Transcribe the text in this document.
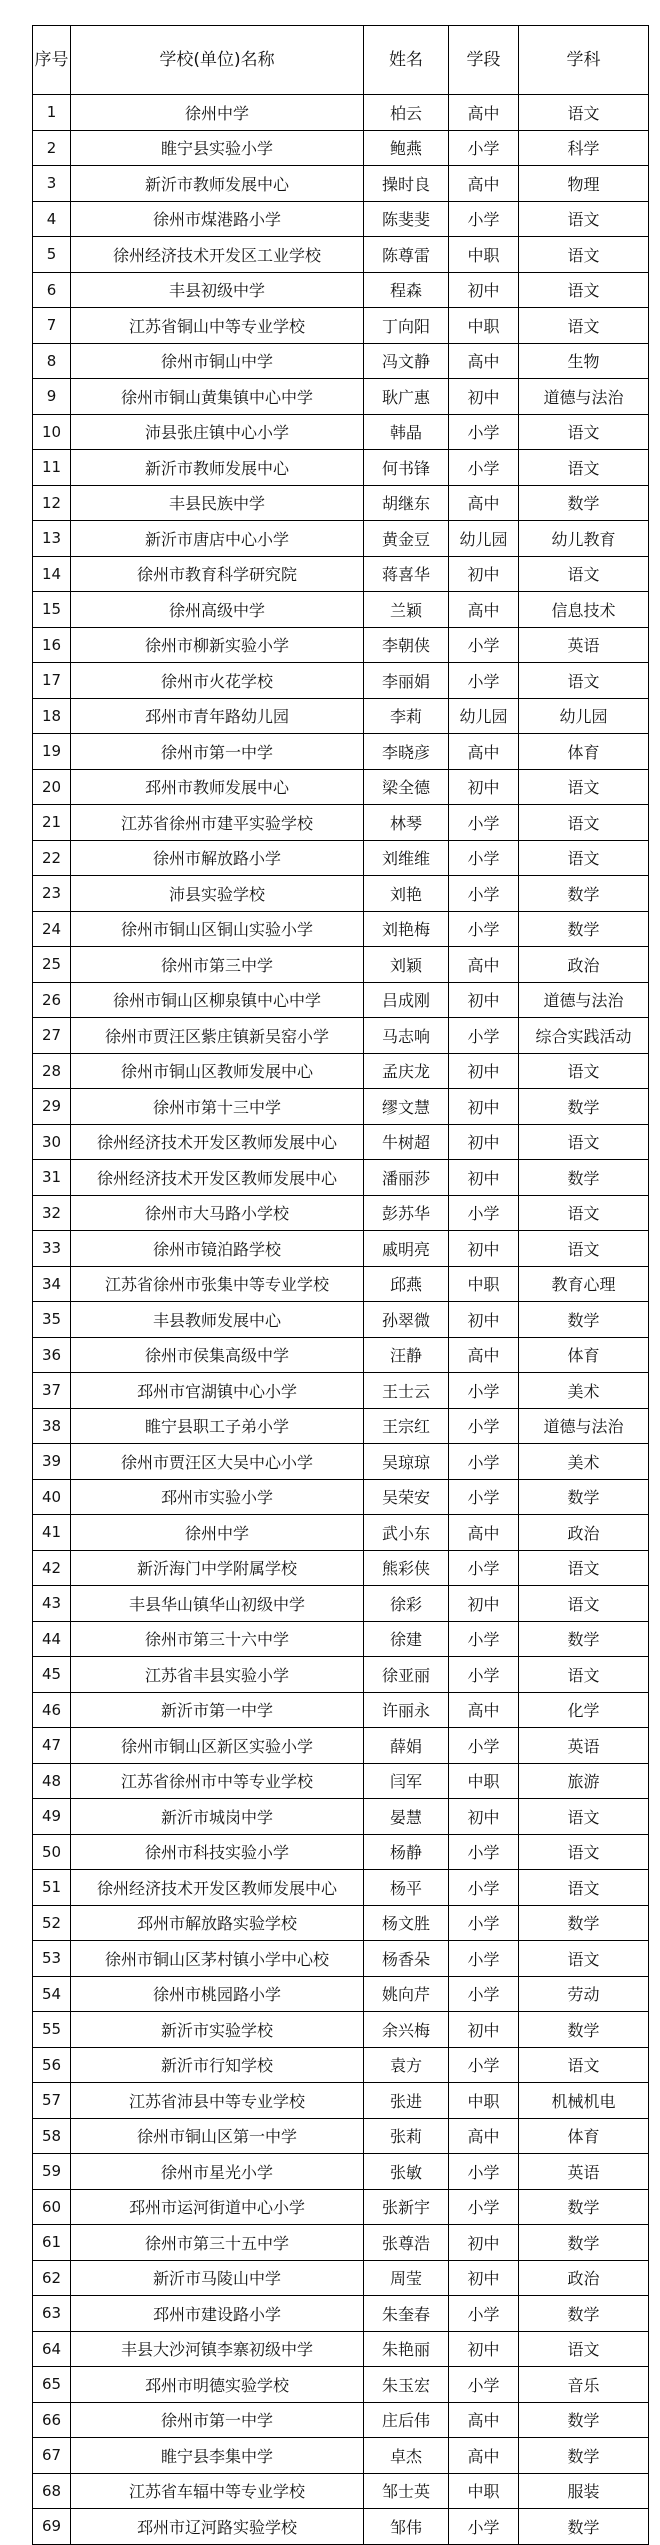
序号	学校(单位)名称	姓名	学段	学科
1	徐州中学	柏云	高中	语文
2	睢宁县实验小学	鲍燕	小学	科学
3	新沂市教师发展中心	操时良	高中	物理
4	徐州市煤港路小学	陈斐斐	小学	语文
5	徐州经济技术开发区工业学校	陈尊雷	中职	语文
6	丰县初级中学	程森	初中	语文
7	江苏省铜山中等专业学校	丁向阳	中职	语文
8	徐州市铜山中学	冯文静	高中	生物
9	徐州市铜山黄集镇中心中学	耿广惠	初中	道德与法治
10	沛县张庄镇中心小学	韩晶	小学	语文
11	新沂市教师发展中心	何书锋	小学	语文
12	丰县民族中学	胡继东	高中	数学
13	新沂市唐店中心小学	黄金豆	幼儿园	幼儿教育
14	徐州市教育科学研究院	蒋喜华	初中	语文
15	徐州高级中学	兰颖	高中	信息技术
16	徐州市柳新实验小学	李朝侠	小学	英语
17	徐州市火花学校	李丽娟	小学	语文
18	邳州市青年路幼儿园	李莉	幼儿园	幼儿园
19	徐州市第一中学	李晓彦	高中	体育
20	邳州市教师发展中心	梁全德	初中	语文
21	江苏省徐州市建平实验学校	林琴	小学	语文
22	徐州市解放路小学	刘维维	小学	语文
23	沛县实验学校	刘艳	小学	数学
24	徐州市铜山区铜山实验小学	刘艳梅	小学	数学
25	徐州市第三中学	刘颖	高中	政治
26	徐州市铜山区柳泉镇中心中学	吕成刚	初中	道德与法治
27	徐州市贾汪区紫庄镇新吴窑小学	马志响	小学	综合实践活动
28	徐州市铜山区教师发展中心	孟庆龙	初中	语文
29	徐州市第十三中学	缪文慧	初中	数学
30	徐州经济技术开发区教师发展中心	牛树超	初中	语文
31	徐州经济技术开发区教师发展中心	潘丽莎	初中	数学
32	徐州市大马路小学校	彭苏华	小学	语文
33	徐州市镜泊路学校	戚明亮	初中	语文
34	江苏省徐州市张集中等专业学校	邱燕	中职	教育心理
35	丰县教师发展中心	孙翠微	初中	数学
36	徐州市侯集高级中学	汪静	高中	体育
37	邳州市官湖镇中心小学	王士云	小学	美术
38	睢宁县职工子弟小学	王宗红	小学	道德与法治
39	徐州市贾汪区大吴中心小学	吴琼琼	小学	美术
40	邳州市实验小学	吴荣安	小学	数学
41	徐州中学	武小东	高中	政治
42	新沂海门中学附属学校	熊彩侠	小学	语文
43	丰县华山镇华山初级中学	徐彩	初中	语文
44	徐州市第三十六中学	徐建	小学	数学
45	江苏省丰县实验小学	徐亚丽	小学	语文
46	新沂市第一中学	许丽永	高中	化学
47	徐州市铜山区新区实验小学	薛娟	小学	英语
48	江苏省徐州市中等专业学校	闫军	中职	旅游
49	新沂市城岗中学	晏慧	初中	语文
50	徐州市科技实验小学	杨静	小学	语文
51	徐州经济技术开发区教师发展中心	杨平	小学	语文
52	邳州市解放路实验学校	杨文胜	小学	数学
53	徐州市铜山区茅村镇小学中心校	杨香朵	小学	语文
54	徐州市桃园路小学	姚向芹	小学	劳动
55	新沂市实验学校	余兴梅	初中	数学
56	新沂市行知学校	袁方	小学	语文
57	江苏省沛县中等专业学校	张进	中职	机械机电
58	徐州市铜山区第一中学	张莉	高中	体育
59	徐州市星光小学	张敏	小学	英语
60	邳州市运河街道中心小学	张新宇	小学	数学
61	徐州市第三十五中学	张尊浩	初中	数学
62	新沂市马陵山中学	周莹	初中	政治
63	邳州市建设路小学	朱奎春	小学	数学
64	丰县大沙河镇李寨初级中学	朱艳丽	初中	语文
65	邳州市明德实验学校	朱玉宏	小学	音乐
66	徐州市第一中学	庄后伟	高中	数学
67	睢宁县李集中学	卓杰	高中	数学
68	江苏省车辐中等专业学校	邹士英	中职	服装
69	邳州市辽河路实验学校	邹伟	小学	数学
